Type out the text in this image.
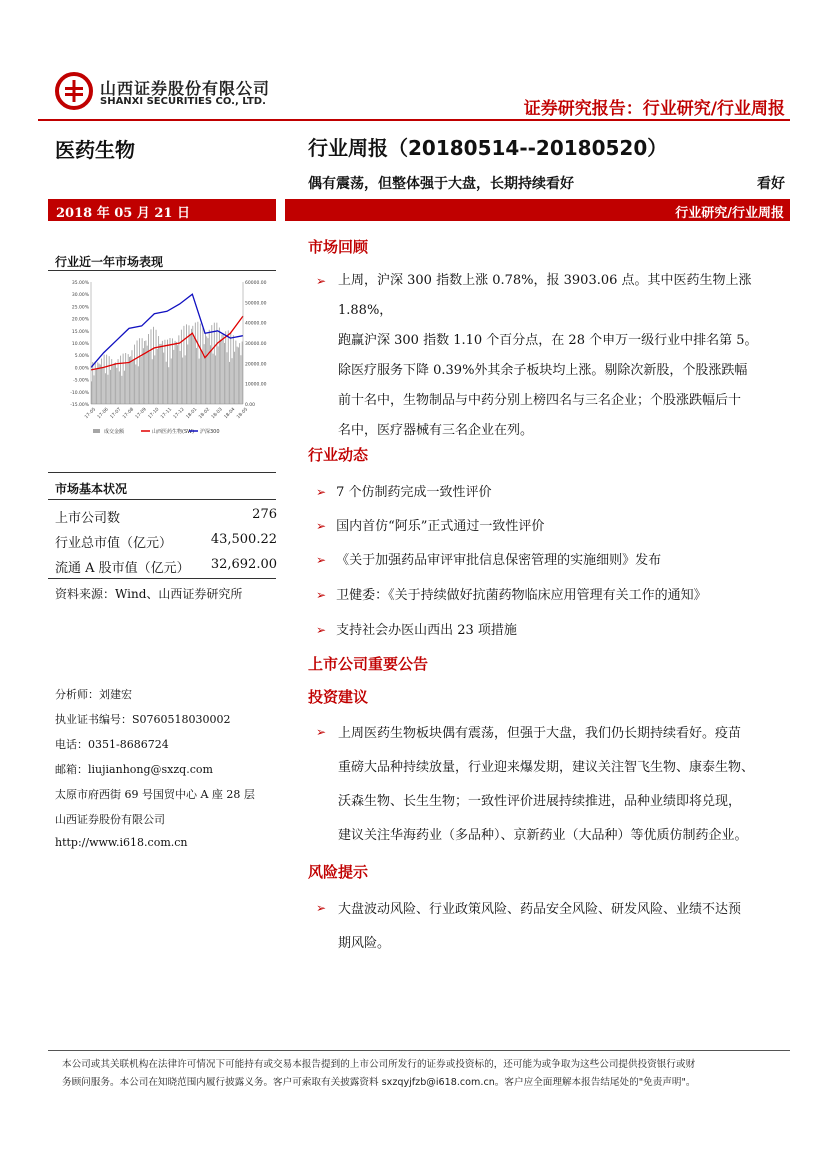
山西证券股份有限公司
SHANXI SECURITIES CO., LTD.	证券研究报告：行业研究/行业周报
医药生物	行业周报（20180514--20180520）
偶有震荡，但整体强于大盘，长期持续看好	看好
2018 年 05 月 21 日	行业研究/行业周报
行业近一年市场表现
35.00%
30.00%
25.00%
20.00%
15.00%
10.00%
5.00%
0.00%
-5.00%
-10.00%
-15.00%
60000.00
50000.00
40000.00
30000.00
20000.00
10000.00
0.00
17-05 17-06 17-07 17-08 17-09 17-10 17-11 17-12 18-01 18-02 18-03 18-04 18-05
成交金额	山西医药生物(SW) 沪深300
市场基本状况
上市公司数	276
行业总市值（亿元）	43,500.22
流通 A 股市值（亿元） 32,692.00
资料来源：Wind、山西证券研究所
分析师：刘建宏
执业证书编号：S0760518030002
电话：0351-8686724
邮箱：liujianhong@sxzq.com
太原市府西街 69 号国贸中心 A 座 28 层
山西证券股份有限公司
http://www.i618.com.cn
市场回顾
➢ 上周，沪深 300 指数上涨 0.78%，报 3903.06 点。其中医药生物上涨 1.88%，
跑赢沪深 300 指数 1.10 个百分点，在 28 个申万一级行业中排名第 5。
除医疗服务下降 0.39%外其余子板块均上涨。剔除次新股，个股涨跌幅
前十名中，生物制品与中药分别上榜四名与三名企业；个股涨跌幅后十
名中，医疗器械有三名企业在列。
行业动态
➢ 7 个仿制药完成一致性评价
➢ 国内首仿“阿乐”正式通过一致性评价
➢ 《关于加强药品审评审批信息保密管理的实施细则》发布
➢ 卫健委：《关于持续做好抗菌药物临床应用管理有关工作的通知》
➢ 支持社会办医山西出 23 项措施
上市公司重要公告
投资建议
➢ 上周医药生物板块偶有震荡，但强于大盘，我们仍长期持续看好。疫苗
重磅大品种持续放量，行业迎来爆发期，建议关注智飞生物、康泰生物、
沃森生物、长生生物；一致性评价进展持续推进，品种业绩即将兑现，
建议关注华海药业（多品种）、京新药业（大品种）等优质仿制药企业。
风险提示
➢ 大盘波动风险、行业政策风险、药品安全风险、研发风险、业绩不达预
期风险。
本公司或其关联机构在法律许可情况下可能持有或交易本报告提到的上市公司所发行的证券或投资标的，还可能为或争取为这些公司提供投资银行或财
务顾问服务。本公司在知晓范围内履行披露义务。客户可索取有关披露资料 sxzqyjfzb@i618.com.cn。客户应全面理解本报告结尾处的"免责声明"。
